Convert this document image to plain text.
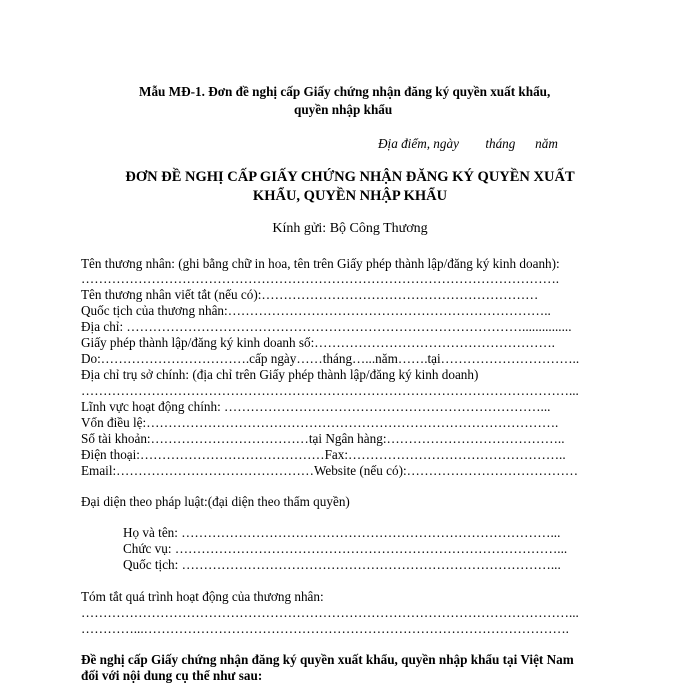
Mẫu MĐ-1. Đơn đề nghị cấp Giấy chứng nhận đăng ký quyền xuất khẩu,
quyền nhập khẩu
Địa điểm, ngày        tháng      năm
ĐƠN ĐỀ NGHỊ CẤP GIẤY CHỨNG NHẬN ĐĂNG KÝ QUYỀN XUẤT
KHẨU, QUYỀN NHẬP KHẨU
Kính gửi: Bộ Công Thương
Tên thương nhân: (ghi bằng chữ in hoa, tên trên Giấy phép thành lập/đăng ký kinh doanh):
……………………………………………………………………………………………….
Tên thương nhân viết tắt (nếu có):………………………………………………………
Quốc tịch của thương nhân:………………………………………………………………..
Địa chỉ: ………………………………………………………………………………...............
Giấy phép thành lập/đăng ký kinh doanh số:……………………………………………….
Do:…………………………….cấp ngày……tháng…...năm…….tại…………………………..
Địa chỉ trụ sở chính: (địa chỉ trên Giấy phép thành lập/đăng ký kinh doanh)
…………………………………………………………………………………………………...
Lĩnh vực hoạt động chính: ………………………………………………………………...
Vốn điều lệ:………………………………………………………………………………….
Số tài khoản:………………………………tại Ngân hàng:…………………………………..
Điện thoại:……………………………………Fax:…………………………………………..
Email:………………………………………Website (nếu có):…………………………………
Đại diện theo pháp luật:(đại diện theo thẩm quyền)
Họ và tên: …………………………………………………………………………...
Chức vụ: ……………………………………………………………………………...
Quốc tịch: …………………………………………………………………………...
Tóm tắt quá trình hoạt động của thương nhân:
…………………………………………………………………………………………………...
…………...…………………………………………………………………………………….
Đề nghị cấp Giấy chứng nhận đăng ký quyền xuất khẩu, quyền nhập khẩu tại Việt Nam
đối với nội dung cụ thể như sau:
